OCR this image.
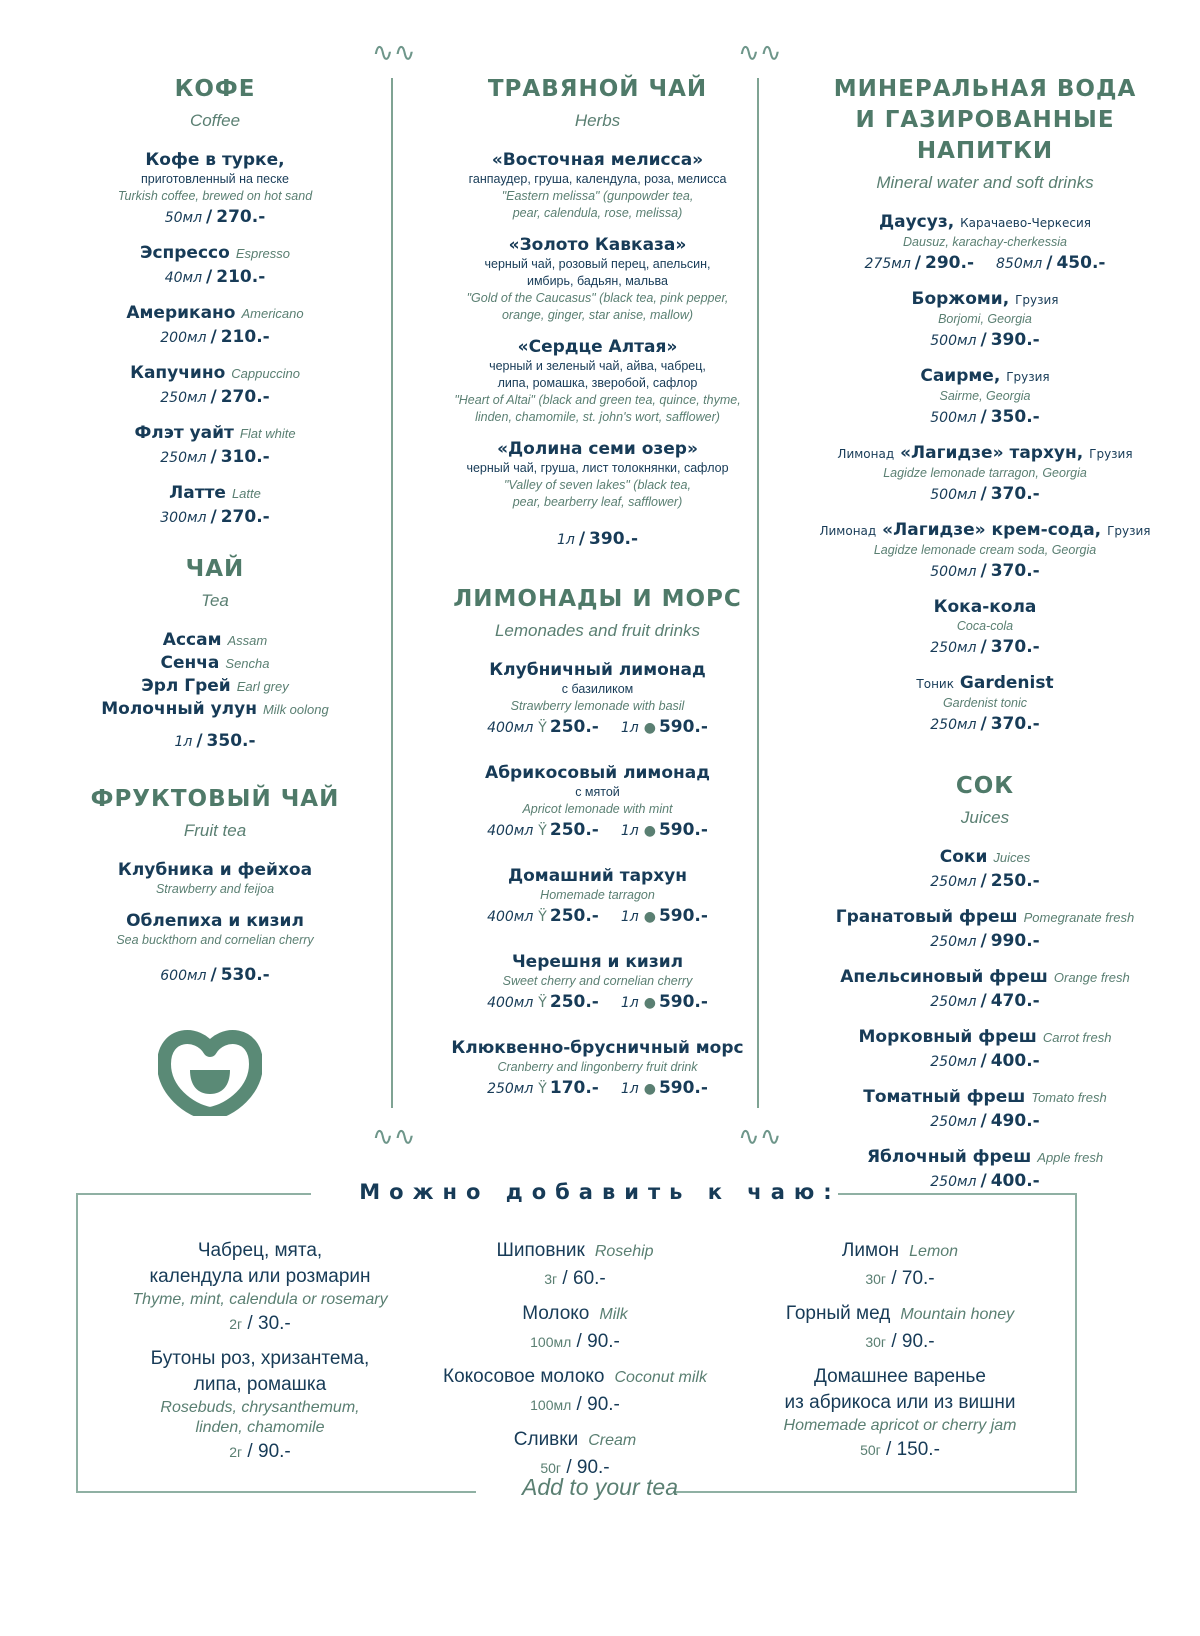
∿∿	∿∿
∿∿	∿∿
КОФЕ
Coffee
Кофе в турке,
приготовленный на песке
Turkish coffee, brewed on hot sand
50мл / 270.-
Эспрессо Espresso
40мл / 210.-
Американо Americano
200мл / 210.-
Капучино Cappuccino
250мл / 270.-
Флэт уайт Flat white
250мл / 310.-
Латте Latte
300мл / 270.-
ЧАЙ
Tea
Ассам Assam
Сенча Sencha
Эрл Грей Earl grey
Молочный улун Milk oolong
1л / 350.-
ФРУКТОВЫЙ ЧАЙ
Fruit tea
Клубника и фейхоа
Strawberry and feijoa
Облепиха и кизил
Sea buckthorn and cornelian cherry
600мл / 530.-
ТРАВЯНОЙ ЧАЙ
Herbs
«Восточная мелисса»
ганпаудер, груша, календула, роза, мелисса
"Eastern melissa" (gunpowder tea,
pear, calendula, rose, melissa)
«Золото Кавказа»
черный чай, розовый перец, апельсин,
имбирь, бадьян, мальва
"Gold of the Caucasus" (black tea, pink pepper,
orange, ginger, star anise, mallow)
«Сердце Алтая»
черный и зеленый чай, айва, чабрец,
липа, ромашка, зверобой, сафлор
"Heart of Altai" (black and green tea, quince, thyme,
linden, chamomile, st. john's wort, safflower)
«Долина семи озер»
черный чай, груша, лист толокнянки, сафлор
"Valley of seven lakes" (black tea,
pear, bearberry leaf, safflower)
1л / 390.-
ЛИМОНАДЫ И МОРС
Lemonades and fruit drinks
Клубничный лимонад
с базиликом
Strawberry lemonade with basil
400мл Ÿ 250.- 1л ● 590.-
Абрикосовый лимонад
с мятой
Apricot lemonade with mint
400мл Ÿ 250.- 1л ● 590.-
Домашний тархун
Homemade tarragon
400мл Ÿ 250.- 1л ● 590.-
Черешня и кизил
Sweet cherry and cornelian cherry
400мл Ÿ 250.- 1л ● 590.-
Клюквенно-брусничный морс
Cranberry and lingonberry fruit drink
250мл Ÿ 170.- 1л ● 590.-
МИНЕРАЛЬНАЯ ВОДА
И ГАЗИРОВАННЫЕ
НАПИТКИ
Mineral water and soft drinks
Даусуз, Карачаево-Черкесия
Dausuz, karachay-cherkessia
275мл / 290.- 850мл / 450.-
Боржоми, Грузия
Borjomi, Georgia
500мл / 390.-
Саирме, Грузия
Sairme, Georgia
500мл / 350.-
Лимонад «Лагидзе» тархун, Грузия
Lagidze lemonade tarragon, Georgia
500мл / 370.-
Лимонад «Лагидзе» крем-сода, Грузия
Lagidze lemonade cream soda, Georgia
500мл / 370.-
Кока-кола
Coca-cola
250мл / 370.-
Тоник Gardenist
Gardenist tonic
250мл / 370.-
СОК
Juices
Соки Juices
250мл / 250.-
Гранатовый фреш Pomegranate fresh
250мл / 990.-
Апельсиновый фреш Orange fresh
250мл / 470.-
Морковный фреш Carrot fresh
250мл / 400.-
Томатный фреш Tomato fresh
250мл / 490.-
Яблочный фреш Apple fresh
250мл / 400.-
Можно добавить к чаю:
Add to your tea
Чабрец, мята,
календула или розмарин
Thyme, mint, calendula or rosemary
2г / 30.-
Бутоны роз, хризантема,
липа, ромашка
Rosebuds, chrysanthemum,
linden, chamomile
2г / 90.-
Шиповник Rosehip
3г / 60.-
Молоко Milk
100мл / 90.-
Кокосовое молоко Coconut milk
100мл / 90.-
Сливки Cream
50г / 90.-
Лимон Lemon
30г / 70.-
Горный мед Mountain honey
30г / 90.-
Домашнее варенье
из абрикоса или из вишни
Homemade apricot or cherry jam
50г / 150.-
